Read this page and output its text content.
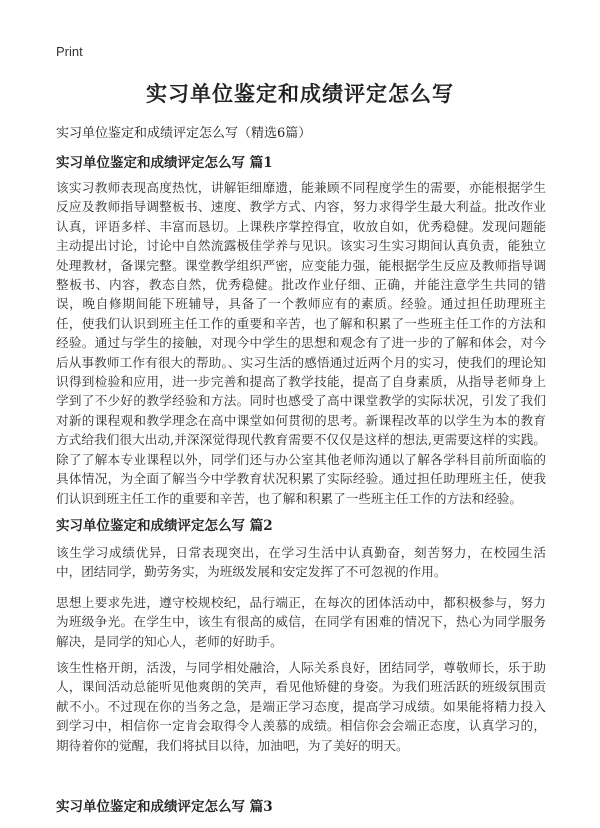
Print
实习单位鉴定和成绩评定怎么写
实习单位鉴定和成绩评定怎么写（精选6篇）
实习单位鉴定和成绩评定怎么写 篇1

该实习教师表现高度热忱，讲解钜细靡遗，能兼顾不同程度学生的需要，亦能根据学生反应及教师指导调整板书、速度、教学方式、内容，努力求得学生最大利益。批改作业认真，评语多样、丰富而恳切。上课秩序掌控得宜，收放自如，优秀稳健。发现问题能主动提出讨论，讨论中自然流露极佳学养与见识。该实习生实习期间认真负责，能独立处理教材，备课完整。课堂教学组织严密，应变能力强，能根据学生反应及教师指导调整板书、内容，教态自然，优秀稳健。批改作业仔细、正确，并能注意学生共同的错误，晚自修期间能下班辅导，具备了一个教师应有的素质。经验。通过担任助理班主任，使我们认识到班主任工作的重要和辛苦，也了解和积累了一些班主任工作的方法和经验。通过与学生的接触，对现今中学生的思想和观念有了进一步的了解和体会，对今后从事教师工作有很大的帮助。、实习生活的感悟通过近两个月的实习，使我们的理论知识得到检验和应用，进一步完善和提高了教学技能，提高了自身素质，从指导老师身上学到了不少好的教学经验和方法。同时也感受了高中课堂教学的实际状况，引发了我们对新的课程观和教学理念在高中课堂如何贯彻的思考。新课程改革的以学生为本的教育方式给我们很大出动,并深深觉得现代教育需要不仅仅是这样的想法,更需要这样的实践。除了了解本专业课程以外，同学们还与办公室其他老师沟通以了解各学科目前所面临的具体情况，为全面了解当今中学教育状况积累了实际经验。通过担任助理班主任，使我们认识到班主任工作的重要和辛苦，也了解和积累了一些班主任工作的方法和经验。

实习单位鉴定和成绩评定怎么写 篇2

该生学习成绩优异，日常表现突出，在学习生活中认真勤奋，刻苦努力，在校园生活中，团结同学，勤劳务实，为班级发展和安定发挥了不可忽视的作用。

思想上要求先进，遵守校规校纪，品行端正，在每次的团体活动中，都积极参与，努力为班级争光。在学生中，该生有很高的威信，在同学有困难的情况下，热心为同学服务解决，是同学的知心人，老师的好助手。

该生性格开朗，活泼，与同学相处融洽，人际关系良好，团结同学，尊敬师长，乐于助人，课间活动总能听见他爽朗的笑声，看见他矫健的身姿。为我们班活跃的班级氛围贡献不小。不过现在你的当务之急，是端正学习态度，提高学习成绩。如果能将精力投入到学习中，相信你一定肯会取得令人羡慕的成绩。相信你会会端正态度，认真学习的，期待着你的觉醒，我们将拭目以待，加油吧，为了美好的明天。

实习单位鉴定和成绩评定怎么写 篇3
